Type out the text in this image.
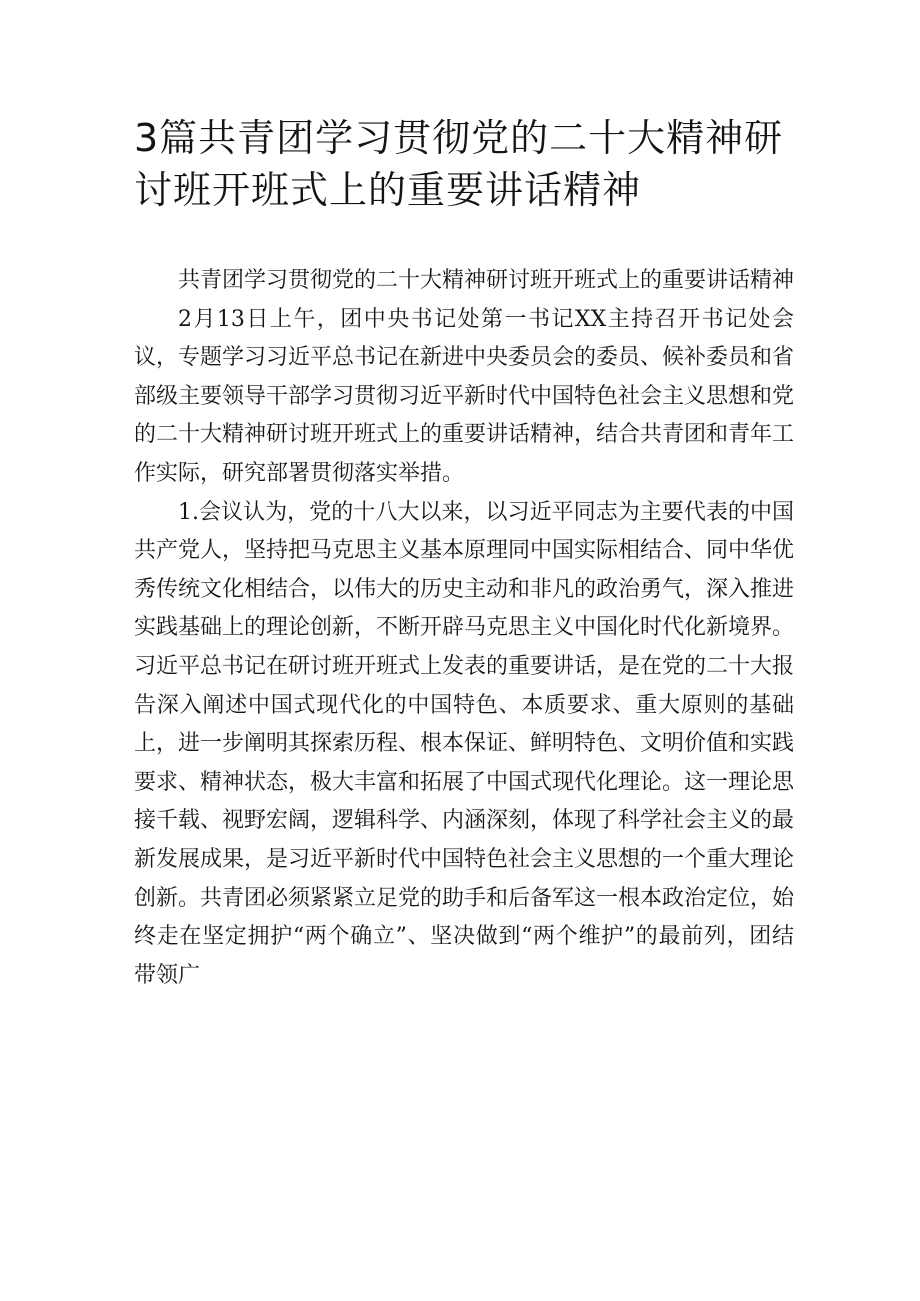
3篇共青团学习贯彻党的二十大精神研讨班开班式上的重要讲话精神

共青团学习贯彻党的二十大精神研讨班开班式上的重要讲话精神

2月13日上午，团中央书记处第一书记XX主持召开书记处会议，专题学习习近平总书记在新进中央委员会的委员、候补委员和省部级主要领导干部学习贯彻习近平新时代中国特色社会主义思想和党的二十大精神研讨班开班式上的重要讲话精神，结合共青团和青年工作实际，研究部署贯彻落实举措。

1.会议认为，党的十八大以来，以习近平同志为主要代表的中国共产党人，坚持把马克思主义基本原理同中国实际相结合、同中华优秀传统文化相结合，以伟大的历史主动和非凡的政治勇气，深入推进实践基础上的理论创新，不断开辟马克思主义中国化时代化新境界。

习近平总书记在研讨班开班式上发表的重要讲话，是在党的二十大报告深入阐述中国式现代化的中国特色、本质要求、重大原则的基础上，进一步阐明其探索历程、根本保证、鲜明特色、文明价值和实践要求、精神状态，极大丰富和拓展了中国式现代化理论。这一理论思接千载、视野宏阔，逻辑科学、内涵深刻，体现了科学社会主义的最新发展成果，是习近平新时代中国特色社会主义思想的一个重大理论创新。共青团必须紧紧立足党的助手和后备军这一根本政治定位，始终走在坚定拥护“两个确立”、坚决做到“两个维护”的最前列，团结带领广
